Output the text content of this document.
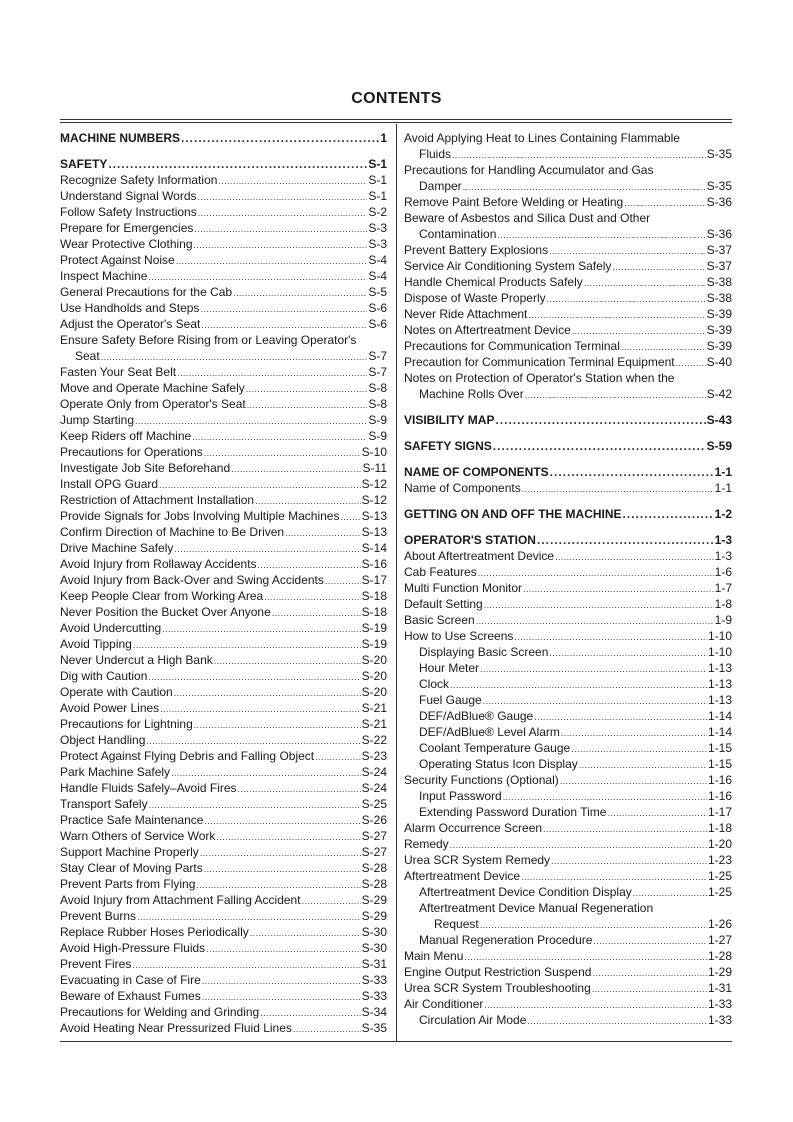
CONTENTS
MACHINE NUMBERS .....	1
SAFETY .....	S-1
Recognize Safety Information .....	S-1
Understand Signal Words .....	S-1
Follow Safety Instructions .....	S-2
Prepare for Emergencies .....	S-3
Wear Protective Clothing .....	S-3
Protect Against Noise .....	S-4
Inspect Machine .....	S-4
General Precautions for the Cab .....	S-5
Use Handholds and Steps .....	S-6
Adjust the Operator's Seat .....	S-6
Ensure Safety Before Rising from or Leaving Operator's
Seat .....	S-7
Fasten Your Seat Belt .....	S-7
Move and Operate Machine Safely .....	S-8
Operate Only from Operator's Seat .....	S-8
Jump Starting .....	S-9
Keep Riders off Machine .....	S-9
Precautions for Operations .....	S-10
Investigate Job Site Beforehand .....	S-11
Install OPG Guard .....	S-12
Restriction of Attachment Installation .....	S-12
Provide Signals for Jobs Involving Multiple Machines ..... S-13
Confirm Direction of Machine to Be Driven .....	S-13
Drive Machine Safely .....	S-14
Avoid Injury from Rollaway Accidents .....	S-16
Avoid Injury from Back-Over and Swing Accidents .....	S-17
Keep People Clear from Working Area .....	S-18
Never Position the Bucket Over Anyone .....	S-18
Avoid Undercutting .....	S-19
Avoid Tipping .....	S-19
Never Undercut a High Bank .....	S-20
Dig with Caution .....	S-20
Operate with Caution .....	S-20
Avoid Power Lines .....	S-21
Precautions for Lightning .....	S-21
Object Handling .....	S-22
Protect Against Flying Debris and Falling Object .....	S-23
Park Machine Safely .....	S-24
Handle Fluids Safely–Avoid Fires .....	S-24
Transport Safely .....	S-25
Practice Safe Maintenance .....	S-26
Warn Others of Service Work .....	S-27
Support Machine Properly .....	S-27
Stay Clear of Moving Parts .....	S-28
Prevent Parts from Flying .....	S-28
Avoid Injury from Attachment Falling Accident .....	S-29
Prevent Burns .....	S-29
Replace Rubber Hoses Periodically .....	S-30
Avoid High-Pressure Fluids .....	S-30
Prevent Fires .....	S-31
Evacuating in Case of Fire .....	S-33
Beware of Exhaust Fumes .....	S-33
Precautions for Welding and Grinding .....	S-34
Avoid Heating Near Pressurized Fluid Lines .....	S-35
Avoid Applying Heat to Lines Containing Flammable
Fluids .....	S-35
Precautions for Handling Accumulator and Gas
Damper .....	S-35
Remove Paint Before Welding or Heating .....	S-36
Beware of Asbestos and Silica Dust and Other
Contamination .....	S-36
Prevent Battery Explosions .....	S-37
Service Air Conditioning System Safely .....	S-37
Handle Chemical Products Safely .....	S-38
Dispose of Waste Properly .....	S-38
Never Ride Attachment .....	S-39
Notes on Aftertreatment Device .....	S-39
Precautions for Communication Terminal .....	S-39
Precaution for Communication Terminal Equipment .....	S-40
Notes on Protection of Operator's Station when the
Machine Rolls Over .....	S-42
VISIBILITY MAP .....	S-43
SAFETY SIGNS .....	S-59
NAME OF COMPONENTS .....	1-1
Name of Components .....	1-1
GETTING ON AND OFF THE MACHINE .....	1-2
OPERATOR'S STATION .....	1-3
About Aftertreatment Device .....	1-3
Cab Features .....	1-6
Multi Function Monitor .....	1-7
Default Setting .....	1-8
Basic Screen .....	1-9
How to Use Screens .....	1-10
Displaying Basic Screen .....	1-10
Hour Meter .....	1-13
Clock .....	1-13
Fuel Gauge .....	1-13
DEF/AdBlue® Gauge .....	1-14
DEF/AdBlue® Level Alarm .....	1-14
Coolant Temperature Gauge .....	1-15
Operating Status Icon Display .....	1-15
Security Functions (Optional) .....	1-16
Input Password .....	1-16
Extending Password Duration Time .....	1-17
Alarm Occurrence Screen .....	1-18
Remedy .....	1-20
Urea SCR System Remedy .....	1-23
Aftertreatment Device .....	1-25
Aftertreatment Device Condition Display .....	1-25
Aftertreatment Device Manual Regeneration
Request .....	1-26
Manual Regeneration Procedure .....	1-27
Main Menu .....	1-28
Engine Output Restriction Suspend .....	1-29
Urea SCR System Troubleshooting .....	1-31
Air Conditioner .....	1-33
Circulation Air Mode .....	1-33
